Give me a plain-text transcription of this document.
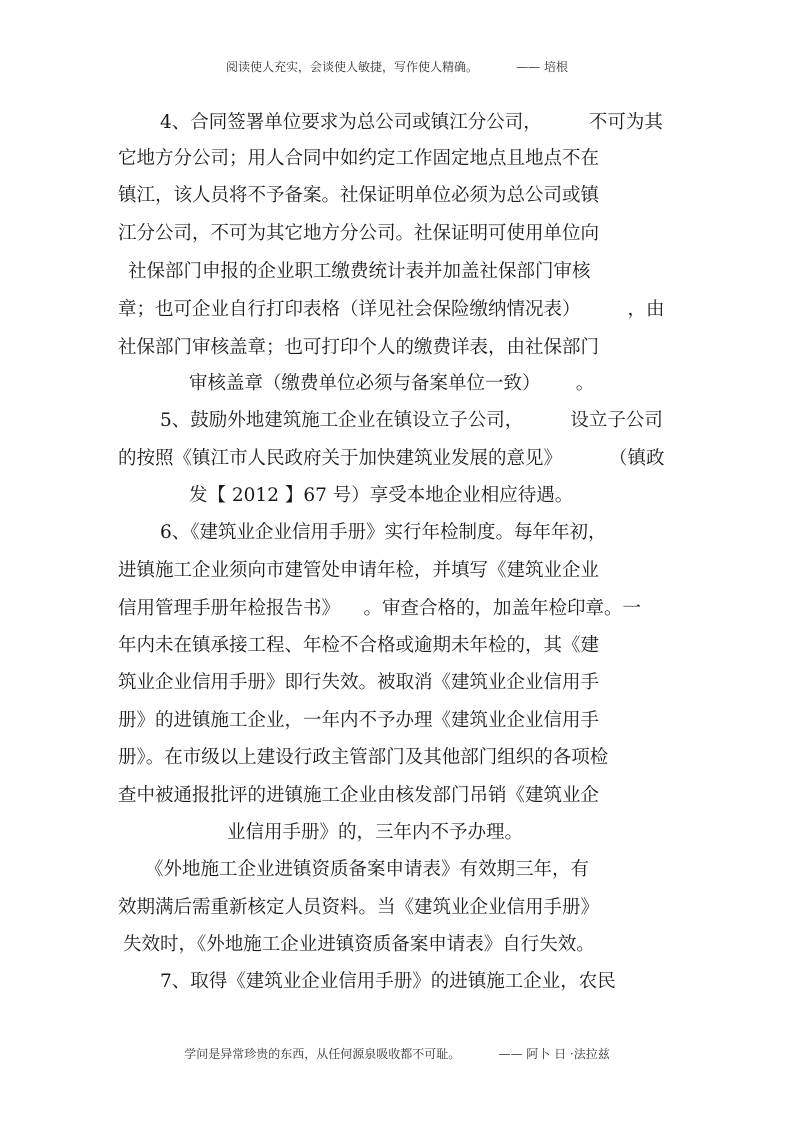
阅读使人充实，会谈使人敏捷，写作使人精确。	—— 培根
4、合同签署单位要求为总公司或镇江分公司，        不可为其
它地方分公司；用人合同中如约定工作固定地点且地点不在
镇江，该人员将不予备案。社保证明单位必须为总公司或镇
江分公司，不可为其它地方分公司。社保证明可使用单位向
社保部门申报的企业职工缴费统计表并加盖社保部门审核
章；也可企业自行打印表格（详见社会保险缴纳情况表）        ，由
社保部门审核盖章；也可打印个人的缴费详表，由社保部门
审核盖章（缴费单位必须与备案单位一致）      。
5、鼓励外地建筑施工企业在镇设立子公司，        设立子公司
的按照《镇江市人民政府关于加快建筑业发展的意见》        （镇政
发【 2012 】67 号）享受本地企业相应待遇。
6、《建筑业企业信用手册》实行年检制度。每年年初，
进镇施工企业须向市建管处申请年检，并填写《建筑业企业
信用管理手册年检报告书》    。审查合格的，加盖年检印章。一
年内未在镇承接工程、年检不合格或逾期未年检的，其《建
筑业企业信用手册》即行失效。被取消《建筑业企业信用手
册》的进镇施工企业，一年内不予办理《建筑业企业信用手
册》。在市级以上建设行政主管部门及其他部门组织的各项检
查中被通报批评的进镇施工企业由核发部门吊销《建筑业企
业信用手册》的，三年内不予办理。
《外地施工企业进镇资质备案申请表》有效期三年，有
效期满后需重新核定人员资料。当《建筑业企业信用手册》
失效时，《外地施工企业进镇资质备案申请表》自行失效。
7、取得《建筑业企业信用手册》的进镇施工企业，农民
学问是异常珍贵的东西，从任何源泉吸收都不可耻。	—— 阿卜 日 ·法拉兹
